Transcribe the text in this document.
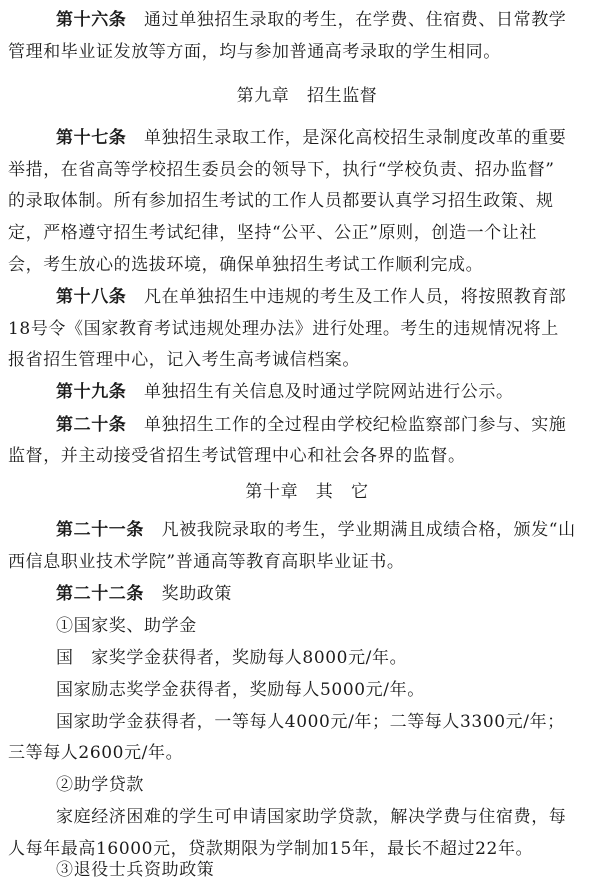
第十六条　通过单独招生录取的考生，在学费、住宿费、日常教学
管理和毕业证发放等方面，均与参加普通高考录取的学生相同。
第九章　招生监督
第十七条　单独招生录取工作，是深化高校招生录制度改革的重要
举措，在省高等学校招生委员会的领导下，执行“学校负责、招办监督”
的录取体制。所有参加招生考试的工作人员都要认真学习招生政策、规
定，严格遵守招生考试纪律，坚持“公平、公正”原则，创造一个让社
会，考生放心的选拔环境，确保单独招生考试工作顺利完成。
第十八条　凡在单独招生中违规的考生及工作人员，将按照教育部
18号令《国家教育考试违规处理办法》进行处理。考生的违规情况将上
报省招生管理中心，记入考生高考诚信档案。
第十九条　单独招生有关信息及时通过学院网站进行公示。
第二十条　单独招生工作的全过程由学校纪检监察部门参与、实施
监督，并主动接受省招生考试管理中心和社会各界的监督。
第十章　其　它
第二十一条　凡被我院录取的考生，学业期满且成绩合格，颁发“山
西信息职业技术学院”普通高等教育高职毕业证书。
第二十二条　奖助政策
①国家奖、助学金
国　家奖学金获得者，奖励每人8000元/年。
国家励志奖学金获得者，奖励每人5000元/年。
国家助学金获得者，一等每人4000元/年；二等每人3300元/年；
三等每人2600元/年。
②助学贷款
家庭经济困难的学生可申请国家助学贷款，解决学费与住宿费，每
人每年最高16000元，贷款期限为学制加15年，最长不超过22年。
③退役士兵资助政策
